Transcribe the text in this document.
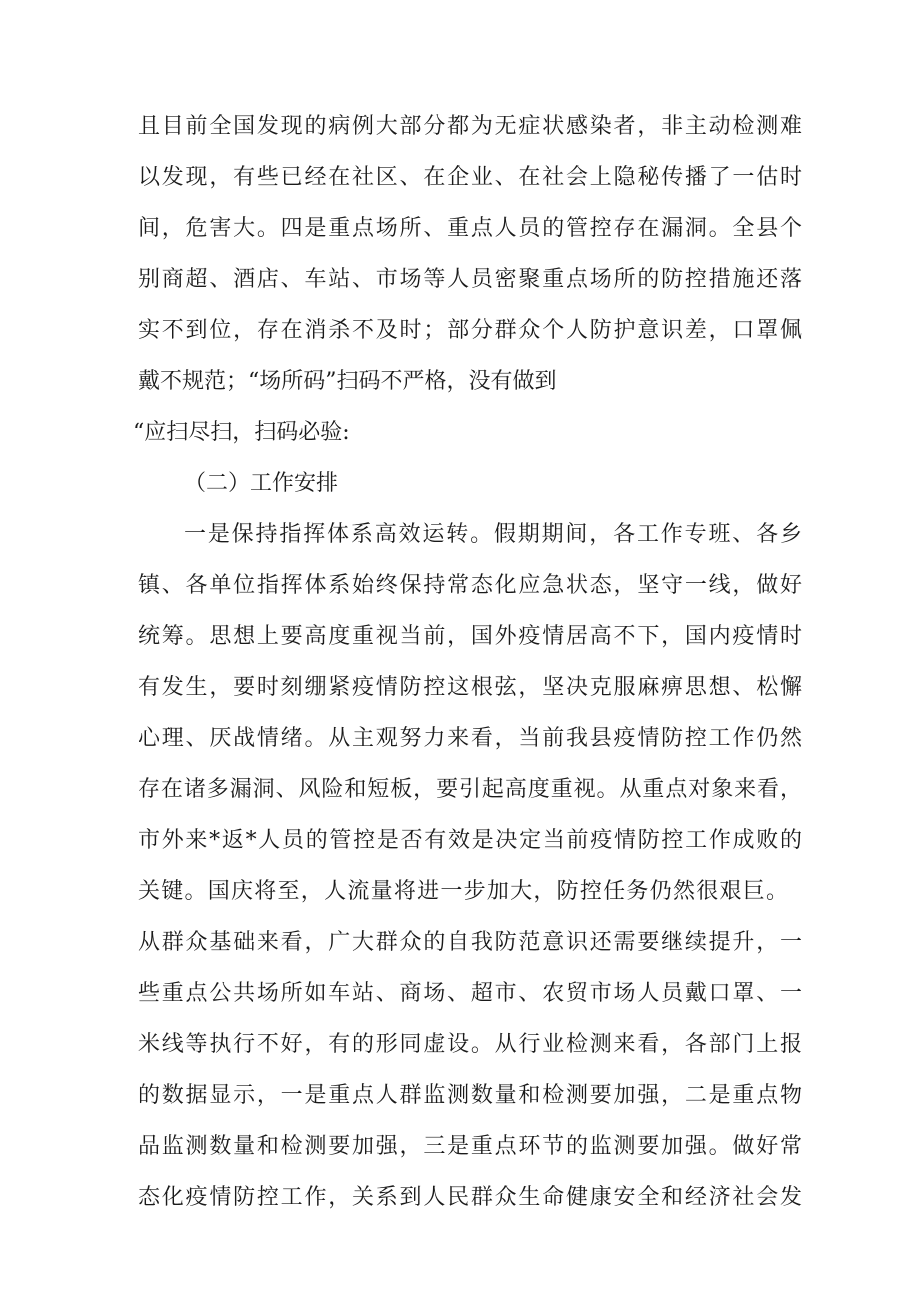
且目前全国发现的病例大部分都为无症状感染者，非主动检测难
以发现，有些已经在社区、在企业、在社会上隐秘传播了一估时
间，危害大。四是重点场所、重点人员的管控存在漏洞。全县个
别商超、酒店、车站、市场等人员密聚重点场所的防控措施还落
实不到位，存在消杀不及时；部分群众个人防护意识差，口罩佩
戴不规范；“场所码”扫码不严格，没有做到
“应扫尽扫，扫码必验:
（二）工作安排
一是保持指挥体系高效运转。假期期间，各工作专班、各乡
镇、各单位指挥体系始终保持常态化应急状态，坚守一线，做好
统筹。思想上要高度重视当前，国外疫情居高不下，国内疫情时
有发生，要时刻绷紧疫情防控这根弦，坚决克服麻痹思想、松懈
心理、厌战情绪。从主观努力来看，当前我县疫情防控工作仍然
存在诸多漏洞、风险和短板，要引起高度重视。从重点对象来看，
市外来*返*人员的管控是否有效是决定当前疫情防控工作成败的
关键。国庆将至，人流量将进一步加大，防控任务仍然很艰巨。
从群众基础来看，广大群众的自我防范意识还需要继续提升，一
些重点公共场所如车站、商场、超市、农贸市场人员戴口罩、一
米线等执行不好，有的形同虚设。从行业检测来看，各部门上报
的数据显示，一是重点人群监测数量和检测要加强，二是重点物
品监测数量和检测要加强，三是重点环节的监测要加强。做好常
态化疫情防控工作，关系到人民群众生命健康安全和经济社会发
